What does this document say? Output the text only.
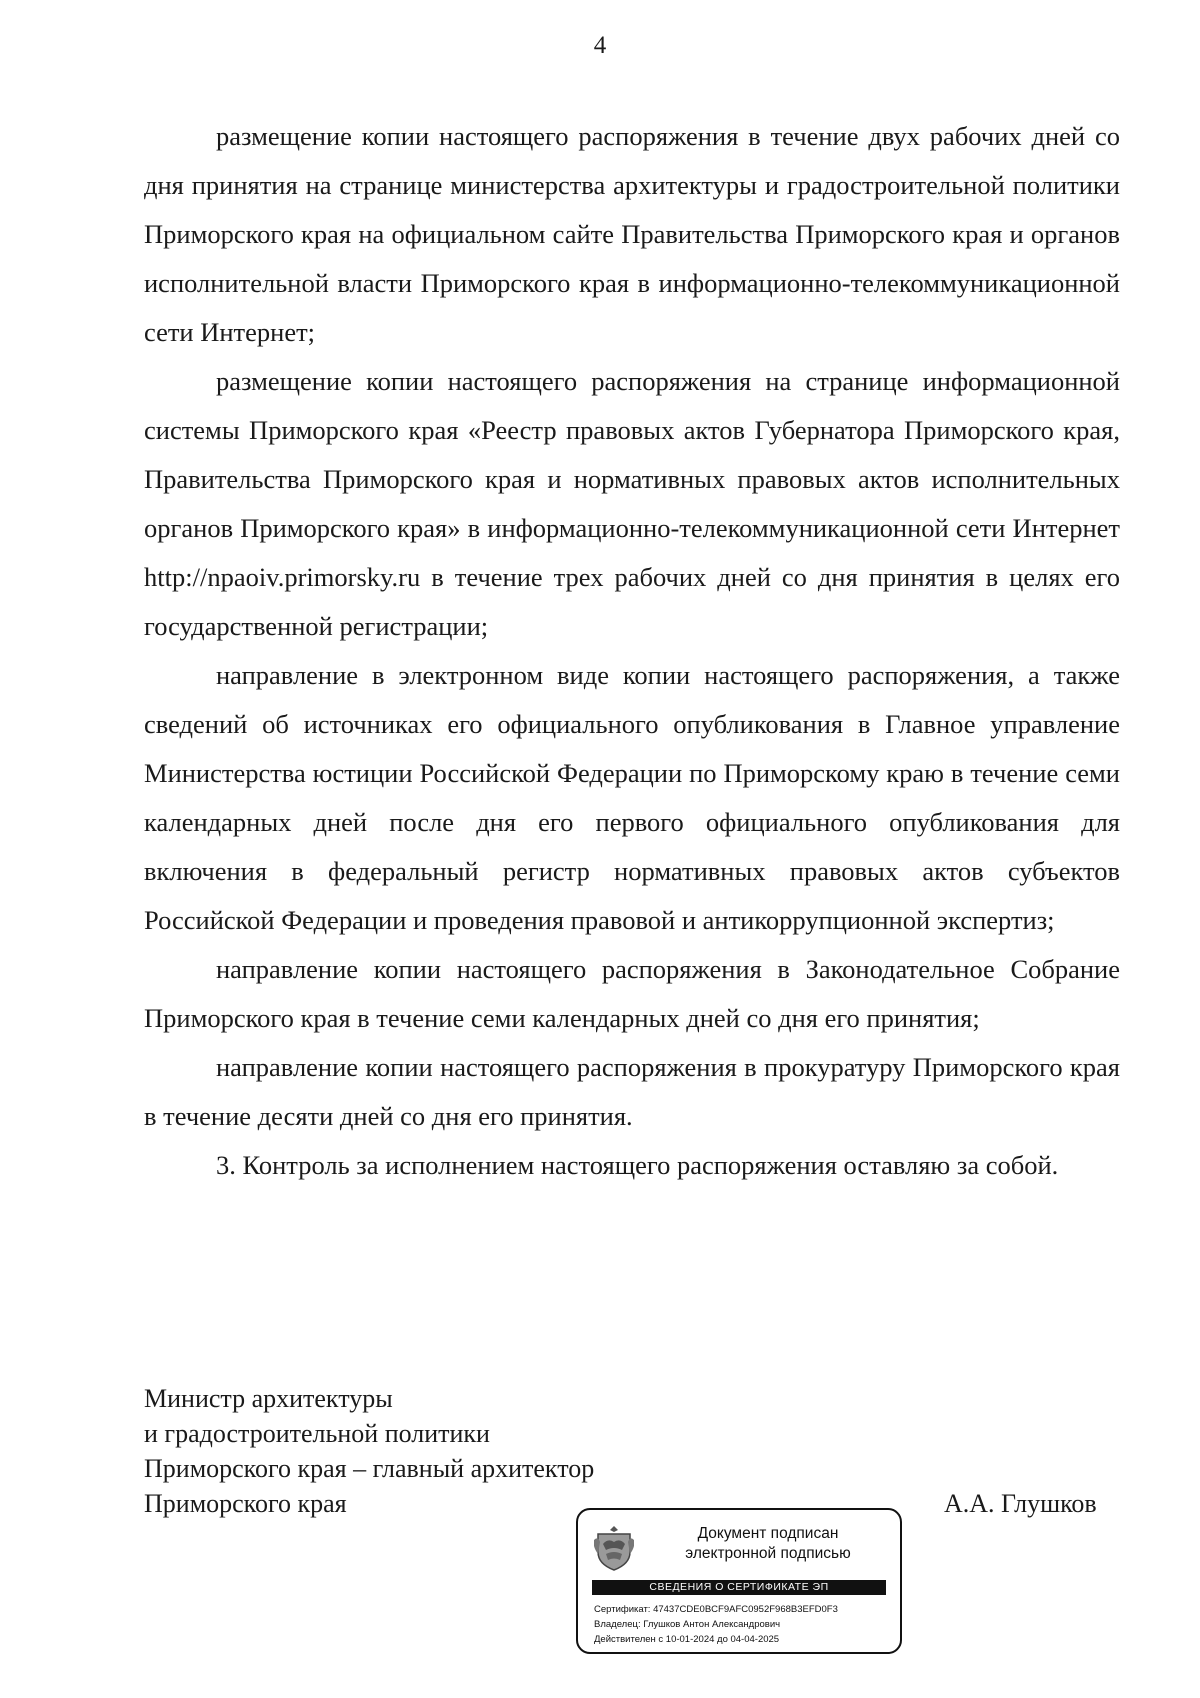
4

размещение копии настоящего распоряжения в течение двух рабочих дней со дня принятия на странице министерства архитектуры и градостроительной политики Приморского края на официальном сайте Правительства Приморского края и органов исполнительной власти Приморского края в информационно-телекоммуникационной сети Интернет;

размещение копии настоящего распоряжения на странице информационной системы Приморского края «Реестр правовых актов Губернатора Приморского края, Правительства Приморского края и нормативных правовых актов исполнительных органов Приморского края» в информационно-телекоммуникационной сети Интернет http://npaoiv.primorsky.ru в течение трех рабочих дней со дня принятия в целях его государственной регистрации;

направление в электронном виде копии настоящего распоряжения, а также сведений об источниках его официального опубликования в Главное управление Министерства юстиции Российской Федерации по Приморскому краю в течение семи календарных дней после дня его первого официального опубликования для включения в федеральный регистр нормативных правовых актов субъектов Российской Федерации и проведения правовой и антикоррупционной экспертиз;

направление копии настоящего распоряжения в Законодательное Собрание Приморского края в течение семи календарных дней со дня его принятия;

направление копии настоящего распоряжения в прокуратуру Приморского края в течение десяти дней со дня его принятия.

3. Контроль за исполнением настоящего распоряжения оставляю за собой.

Министр архитектуры
и градостроительной политики
Приморского края – главный архитектор
Приморского края	А.А. Глушков
Документ подписан
электронной подписью
СВЕДЕНИЯ О СЕРТИФИКАТЕ ЭП
Сертификат: 47437CDE0BCF9AFC0952F968B3EFD0F3
Владелец: Глушков Антон Александрович
Действителен с 10-01-2024 до 04-04-2025
